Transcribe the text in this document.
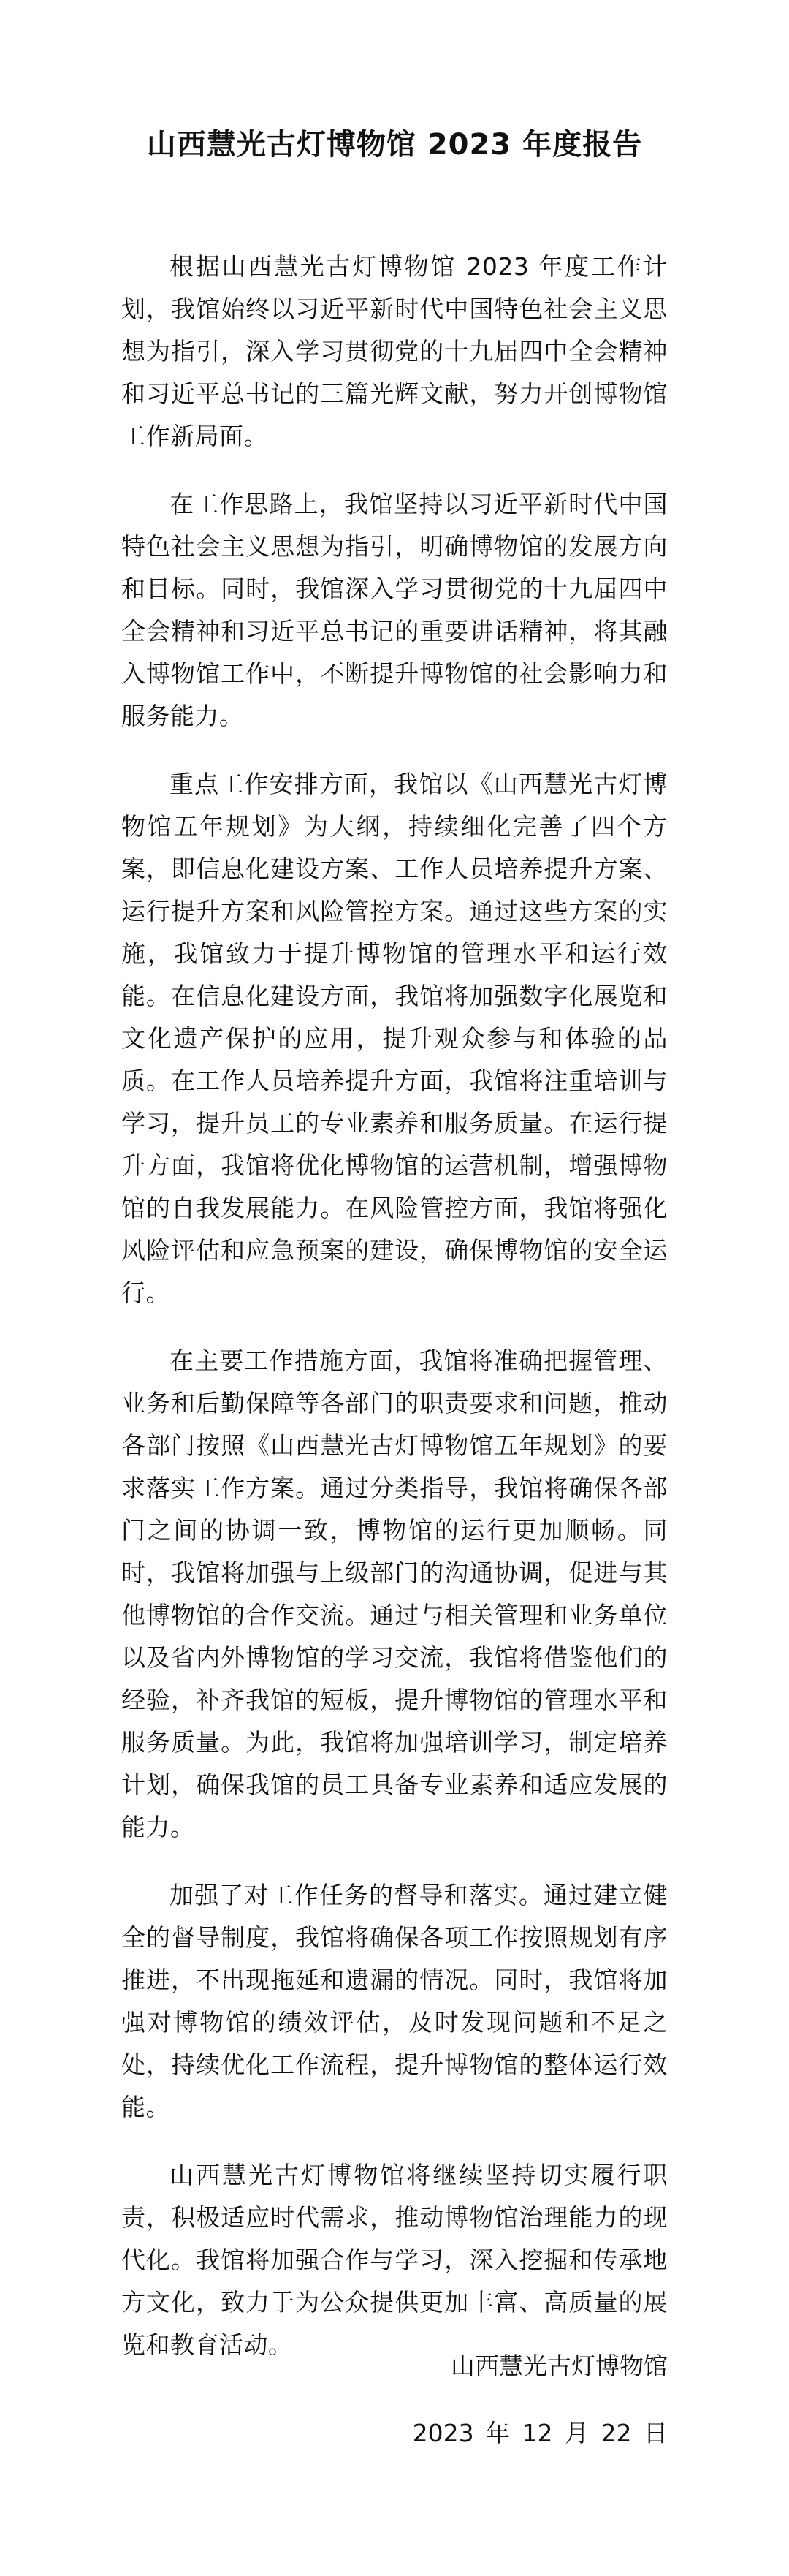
山西慧光古灯博物馆 2023 年度报告

根据山西慧光古灯博物馆 2023 年度工作计划，我馆始终以习近平新时代中国特色社会主义思想为指引，深入学习贯彻党的十九届四中全会精神和习近平总书记的三篇光辉文献，努力开创博物馆工作新局面。

在工作思路上，我馆坚持以习近平新时代中国特色社会主义思想为指引，明确博物馆的发展方向和目标。同时，我馆深入学习贯彻党的十九届四中全会精神和习近平总书记的重要讲话精神，将其融入博物馆工作中，不断提升博物馆的社会影响力和服务能力。

重点工作安排方面，我馆以《山西慧光古灯博物馆五年规划》为大纲，持续细化完善了四个方案，即信息化建设方案、工作人员培养提升方案、运行提升方案和风险管控方案。通过这些方案的实施，我馆致力于提升博物馆的管理水平和运行效能。在信息化建设方面，我馆将加强数字化展览和文化遗产保护的应用，提升观众参与和体验的品质。在工作人员培养提升方面，我馆将注重培训与学习，提升员工的专业素养和服务质量。在运行提升方面，我馆将优化博物馆的运营机制，增强博物馆的自我发展能力。在风险管控方面，我馆将强化风险评估和应急预案的建设，确保博物馆的安全运行。

在主要工作措施方面，我馆将准确把握管理、业务和后勤保障等各部门的职责要求和问题，推动各部门按照《山西慧光古灯博物馆五年规划》的要求落实工作方案。通过分类指导，我馆将确保各部门之间的协调一致，博物馆的运行更加顺畅。同时，我馆将加强与上级部门的沟通协调，促进与其他博物馆的合作交流。通过与相关管理和业务单位以及省内外博物馆的学习交流，我馆将借鉴他们的经验，补齐我馆的短板，提升博物馆的管理水平和服务质量。为此，我馆将加强培训学习，制定培养计划，确保我馆的员工具备专业素养和适应发展的能力。

加强了对工作任务的督导和落实。通过建立健全的督导制度，我馆将确保各项工作按照规划有序推进，不出现拖延和遗漏的情况。同时，我馆将加强对博物馆的绩效评估，及时发现问题和不足之处，持续优化工作流程，提升博物馆的整体运行效能。

山西慧光古灯博物馆将继续坚持切实履行职责，积极适应时代需求，推动博物馆治理能力的现代化。我馆将加强合作与学习，深入挖掘和传承地方文化，致力于为公众提供更加丰富、高质量的展览和教育活动。

山西慧光古灯博物馆
2023 年 12 月 22 日
